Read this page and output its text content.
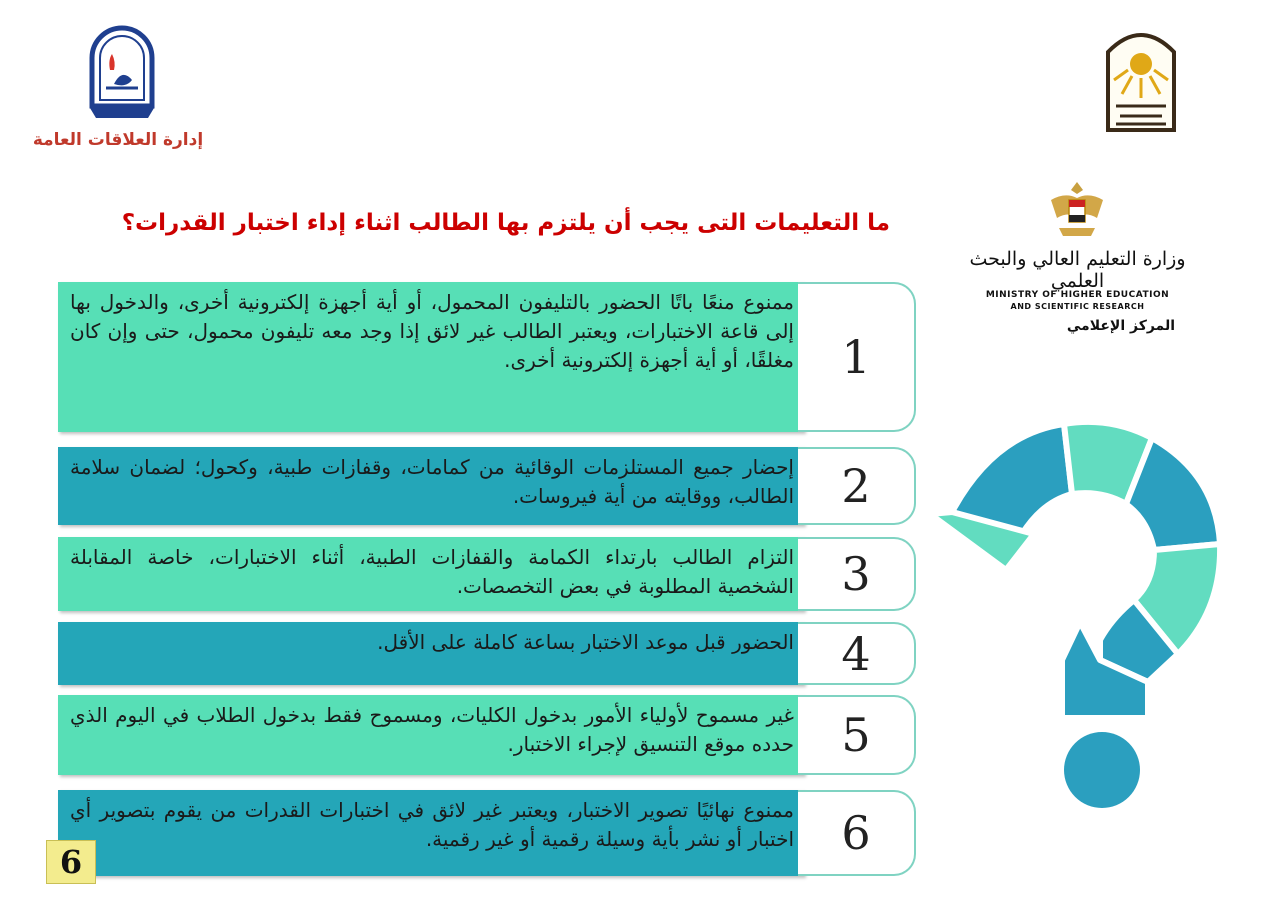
إدارة العلاقات العامة
ما التعليمات التى يجب أن يلتزم بها الطالب اثناء إداء اختبار القدرات؟
وزارة التعليم العالي والبحث العلمي
MINISTRY OF HIGHER EDUCATION
AND SCIENTIFIC RESEARCH
المركز الإعلامي
ممنوع منعًا باتًا الحضور بالتليفون المحمول، أو أية أجهزة إلكترونية أخرى، والدخول بها إلى قاعة الاختبارات، ويعتبر الطالب غير لائق إذا وجد معه تليفون محمول، حتى وإن كان مغلقًا، أو أية أجهزة إلكترونية أخرى.	1
إحضار جميع المستلزمات الوقائية من كمامات، وقفازات طبية، وكحول؛ لضمان سلامة الطالب، ووقايته من أية فيروسات.	2
التزام الطالب بارتداء الكمامة والقفازات الطبية، أثناء الاختبارات، خاصة المقابلة الشخصية المطلوبة في بعض التخصصات.	3
الحضور قبل موعد الاختبار بساعة كاملة على الأقل.	4
غير مسموح لأولياء الأمور بدخول الكليات، ومسموح فقط بدخول الطلاب في اليوم الذي حدده موقع التنسيق لإجراء الاختبار.	5
ممنوع نهائيًا تصوير الاختبار، ويعتبر غير لائق في اختبارات القدرات من يقوم بتصوير أي اختبار أو نشر بأية وسيلة رقمية أو غير رقمية.	6
6
